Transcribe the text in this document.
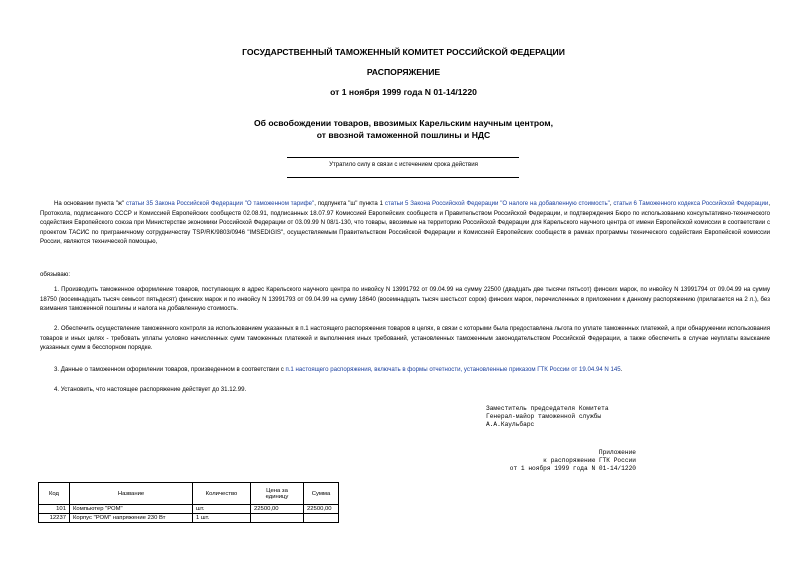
ГОСУДАРСТВЕННЫЙ ТАМОЖЕННЫЙ КОМИТЕТ РОССИЙСКОЙ ФЕДЕРАЦИИ
РАСПОРЯЖЕНИЕ
от 1 ноября 1999 года N 01-14/1220
Об освобождении товаров, ввозимых Карельским научным центром,
от ввозной таможенной пошлины и НДС
Утратило силу в связи с истечением срока действия
На основании пункта "ж" статьи 35 Закона Российской Федерации "О таможенном тарифе", подпункта "ш" пункта 1 статьи 5 Закона Российской Федерации "О налоге на добавленную стоимость", статьи 6 Таможенного кодекса Российской Федерации, Протокола, подписанного СССР и Комиссией Европейских сообществ 02.08.91, подписанных 18.07.97 Комиссией Европейских сообществ и Правительством Российской Федерации, и подтверждения Бюро по использованию консультативно-технического содействия Европейского союза при Министерстве экономики Российской Федерации от 03.09.99 N 08/1-130, что товары, ввозимые на территорию Российской Федерации для Карельского научного центра от имени Европейской комиссии в соответствии с проектом ТАСИС по приграничному сотрудничеству TSP/RK/9803/0946 "IMSEDIGIS", осуществляемым Правительством Российской Федерации и Комиссией Европейских сообществ в рамках программы технического содействия Европейской комиссии России, являются технической помощью,
обязываю:
1. Производить таможенное оформление товаров, поступающих в адрес Карельского научного центра по инвойсу N 13991792 от 09.04.99 на сумму 22500 (двадцать две тысячи пятьсот) финских марок, по инвойсу N 13991794 от 09.04.99 на сумму 18750 (восемнадцать тысяч семьсот пятьдесят) финских марок и по инвойсу N 13991793 от 09.04.99 на сумму 18640 (восемнадцать тысяч шестьсот сорок) финских марок, перечисленных в приложении к данному распоряжению (прилагается на 2 л.), без взимания таможенной пошлины и налога на добавленную стоимость.
2. Обеспечить осуществление таможенного контроля за использованием указанных в п.1 настоящего распоряжения товаров в целях, в связи с которыми была предоставлена льгота по уплате таможенных платежей, а при обнаружении использования товаров и иных целях - требовать уплаты условно начисленных сумм таможенных платежей и выполнения иных требований, установленных таможенным законодательством Российской Федерации, а также обеспечить в случае неуплаты взыскание указанных сумм в бесспорном порядке.
3. Данные о таможенном оформлении товаров, произведенном в соответствии с п.1 настоящего распоряжения, включать в формы отчетности, установленные приказом ГТК России от 19.04.94 N 145.
4. Установить, что настоящее распоряжение действует до 31.12.99.
Заместитель председателя Комитета
Генерал-майор таможенной службы
А.А.Каульбарс
Приложение
к распоряжению ГТК России
от 1 ноября 1999 года N 01-14/1220
Код	Название	Количество	Цена за единицу	Сумма
101	Компьютер "РОМ"	шт.	22500,00	22500,00
12237	Корпус "РОМ" напряжение 230 Вт	1 шт.		
